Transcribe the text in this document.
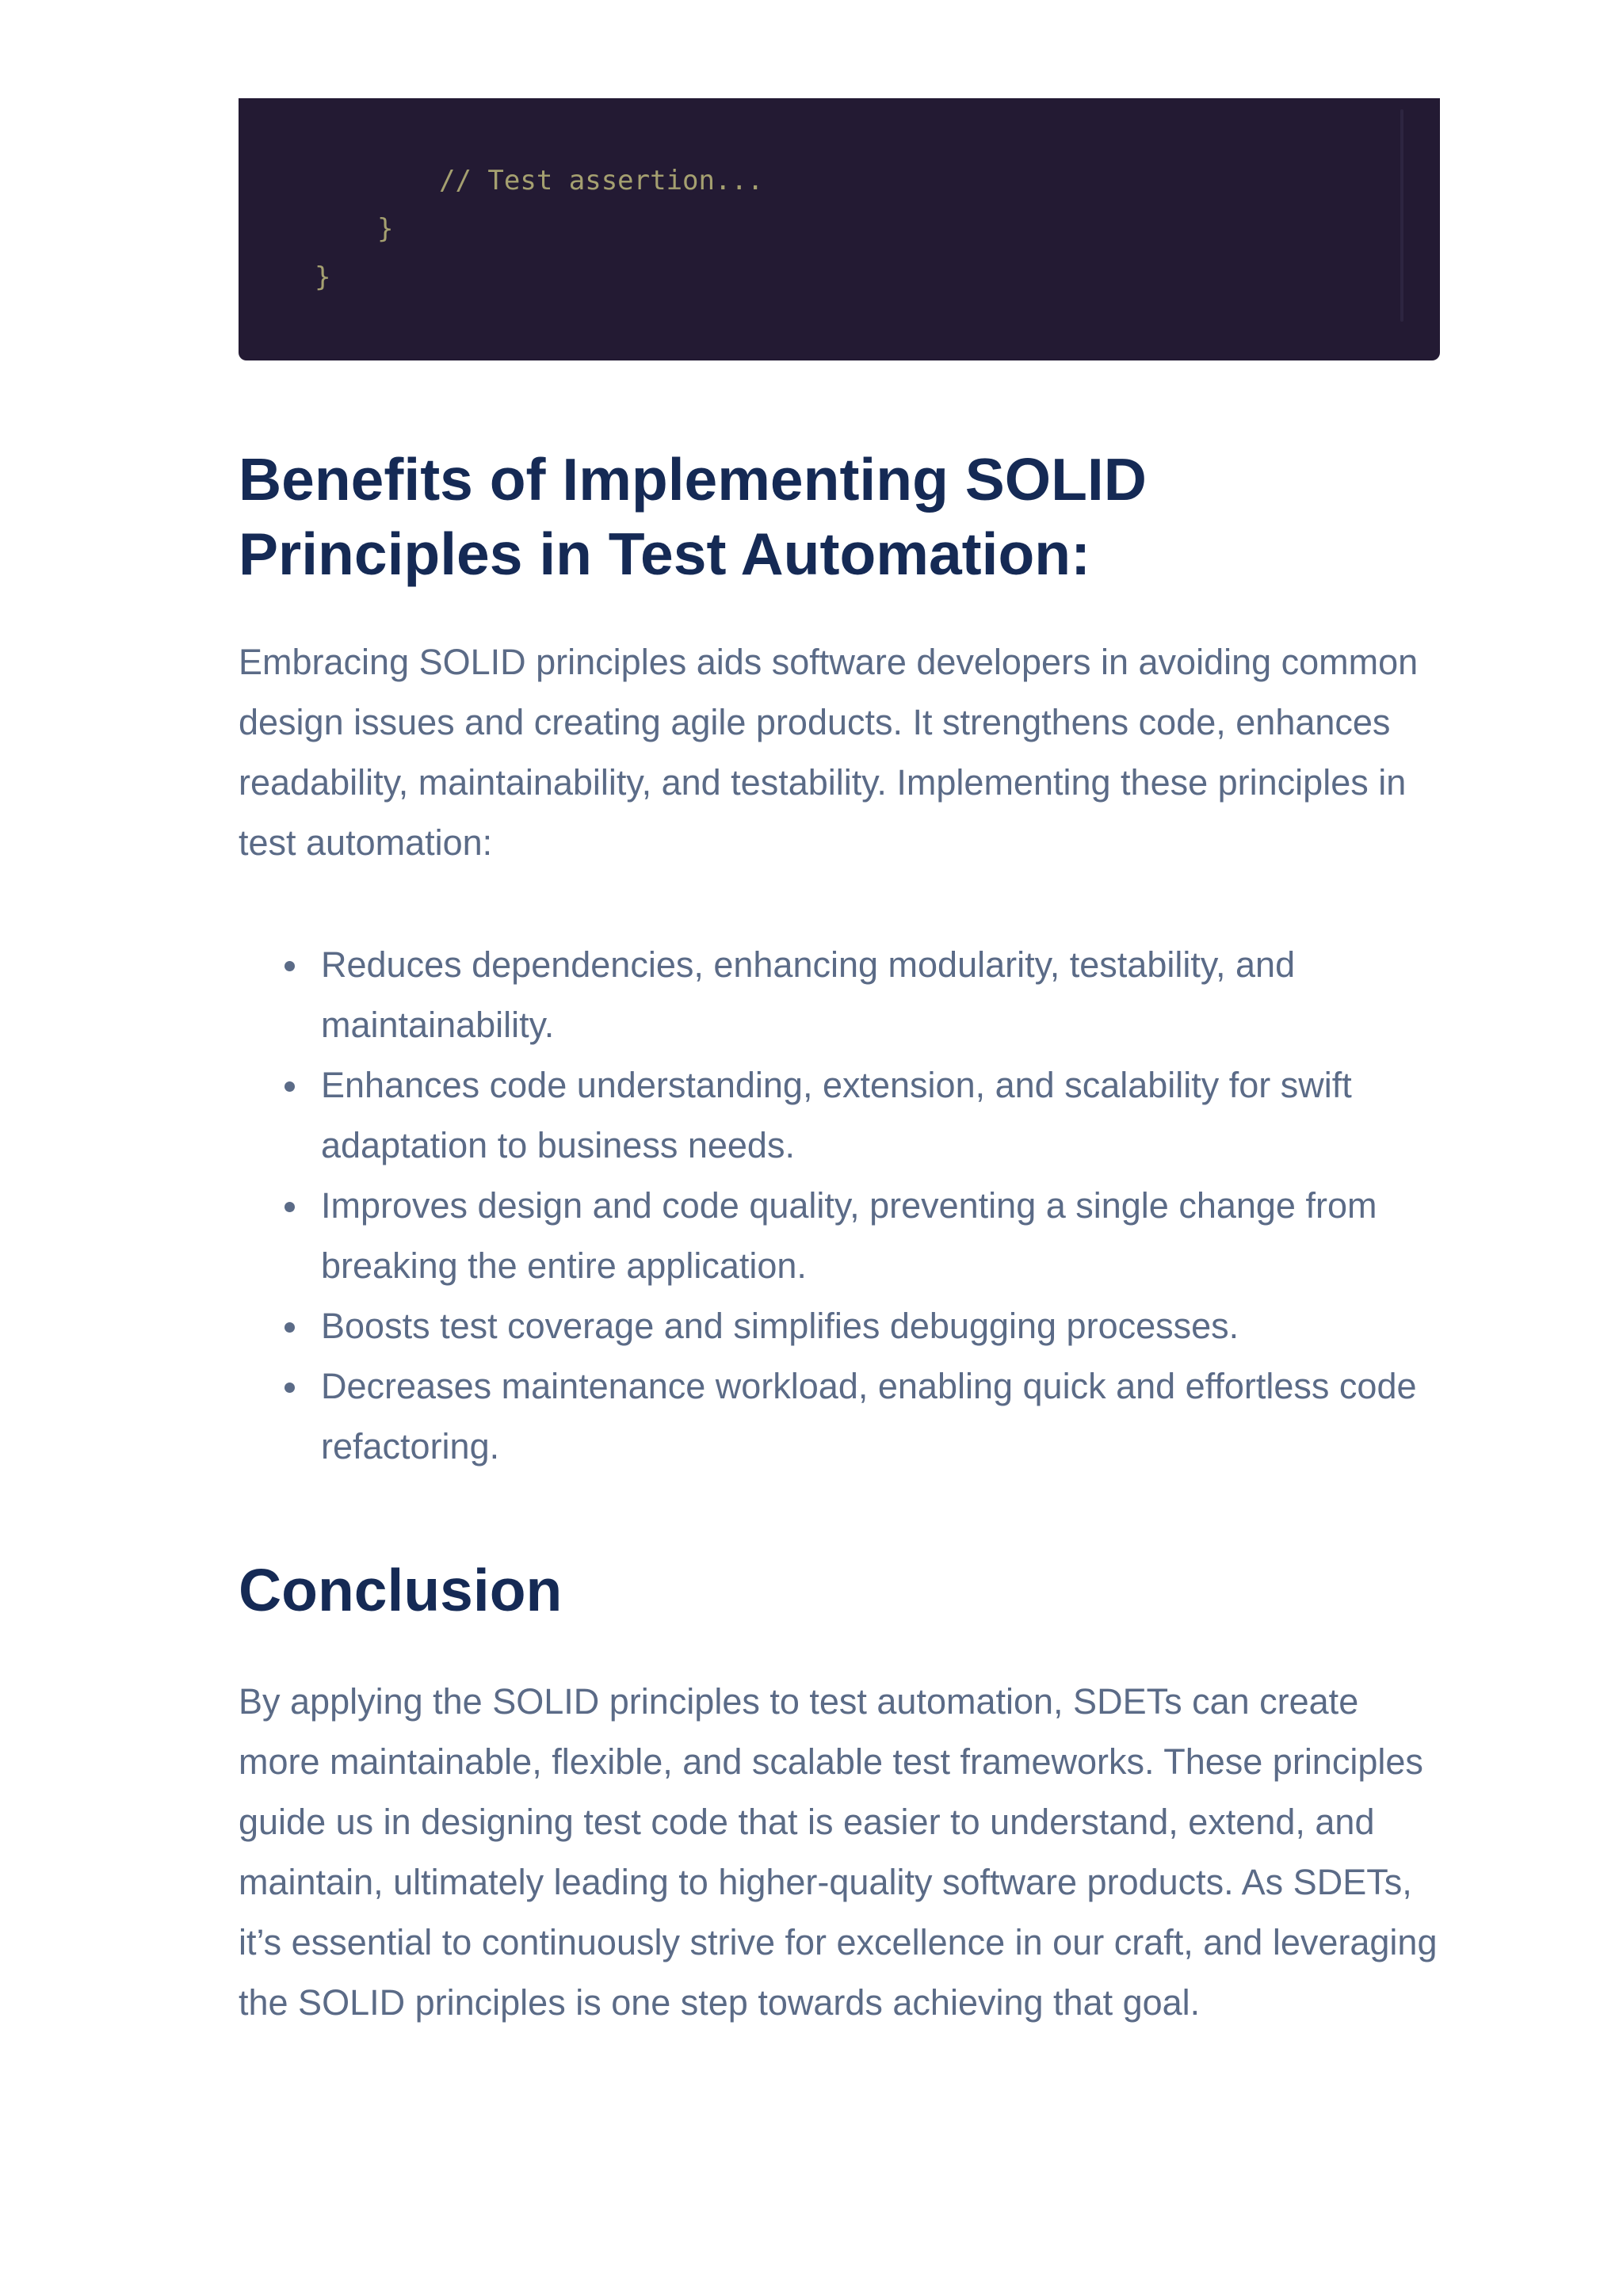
// Test assertion...
}
}
Benefits of Implementing SOLID Principles in Test Automation:

Embracing SOLID principles aids software developers in avoiding common design issues and creating agile products. It strengthens code, enhances readability, maintainability, and testability. Implementing these principles in test automation:

Reduces dependencies, enhancing modularity, testability, and maintainability.
Enhances code understanding, extension, and scalability for swift adaptation to business needs.
Improves design and code quality, preventing a single change from breaking the entire application.
Boosts test coverage and simplifies debugging processes.
Decreases maintenance workload, enabling quick and effortless code refactoring.
Conclusion

By applying the SOLID principles to test automation, SDETs can create more maintainable, flexible, and scalable test frameworks. These principles guide us in designing test code that is easier to understand, extend, and maintain, ultimately leading to higher-quality software products. As SDETs, it’s essential to continuously strive for excellence in our craft, and leveraging the SOLID principles is one step towards achieving that goal.
